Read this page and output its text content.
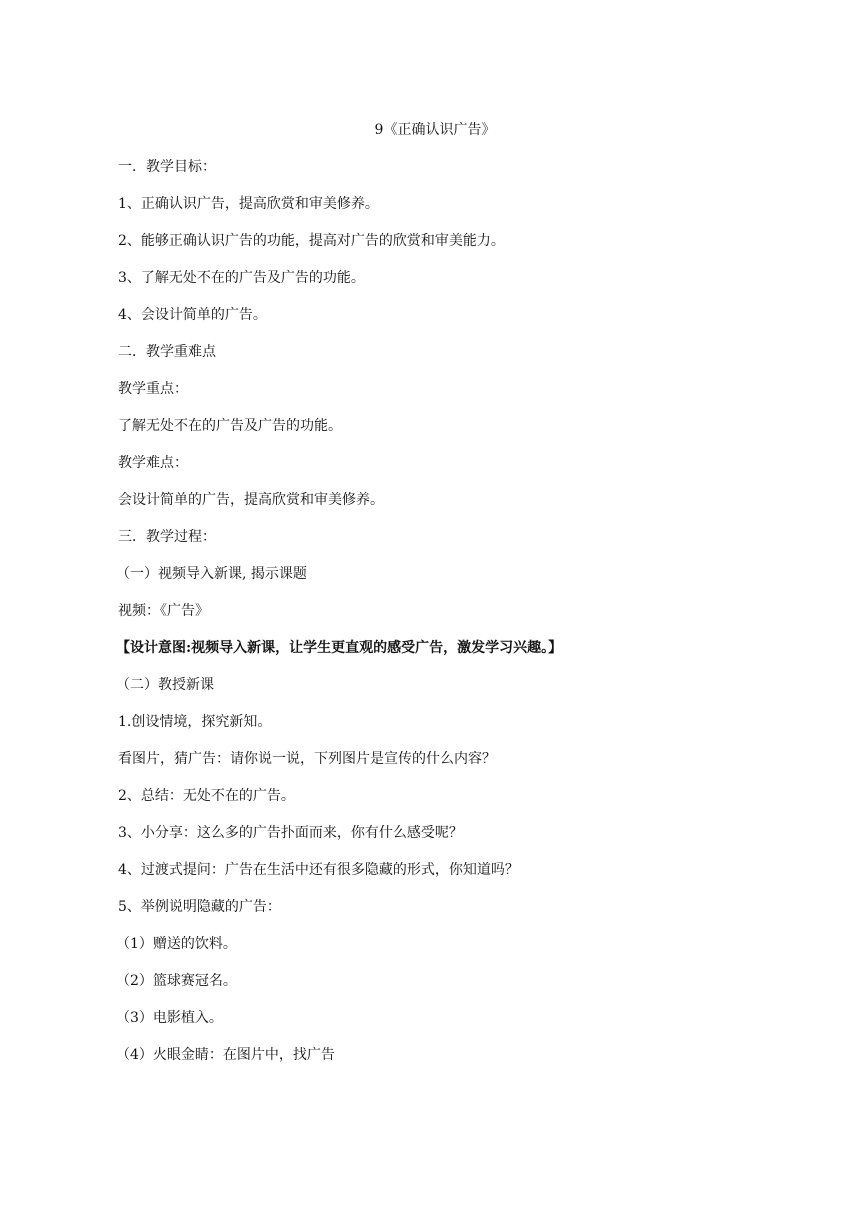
9《正确认识广告》
一．教学目标：
1、正确认识广告，提高欣赏和审美修养。
2、能够正确认识广告的功能，提高对广告的欣赏和审美能力。
3、了解无处不在的广告及广告的功能。
4、会设计简单的广告。
二．教学重难点
教学重点：
了解无处不在的广告及广告的功能。
教学难点：
会设计简单的广告，提高欣赏和审美修养。
三．教学过程：
（一）视频导入新课, 揭示课题
视频：《广告》
【设计意图:视频导入新课，让学生更直观的感受广告，激发学习兴趣。】
（二）教授新课
1.创设情境，探究新知。
看图片，猜广告：请你说一说，下列图片是宣传的什么内容？
2、总结：无处不在的广告。
3、小分享：这么多的广告扑面而来，你有什么感受呢？
4、过渡式提问：广告在生活中还有很多隐藏的形式，你知道吗？
5、举例说明隐藏的广告：
（1）赠送的饮料。
（2）篮球赛冠名。
（3）电影植入。
（4）火眼金睛：在图片中，找广告
